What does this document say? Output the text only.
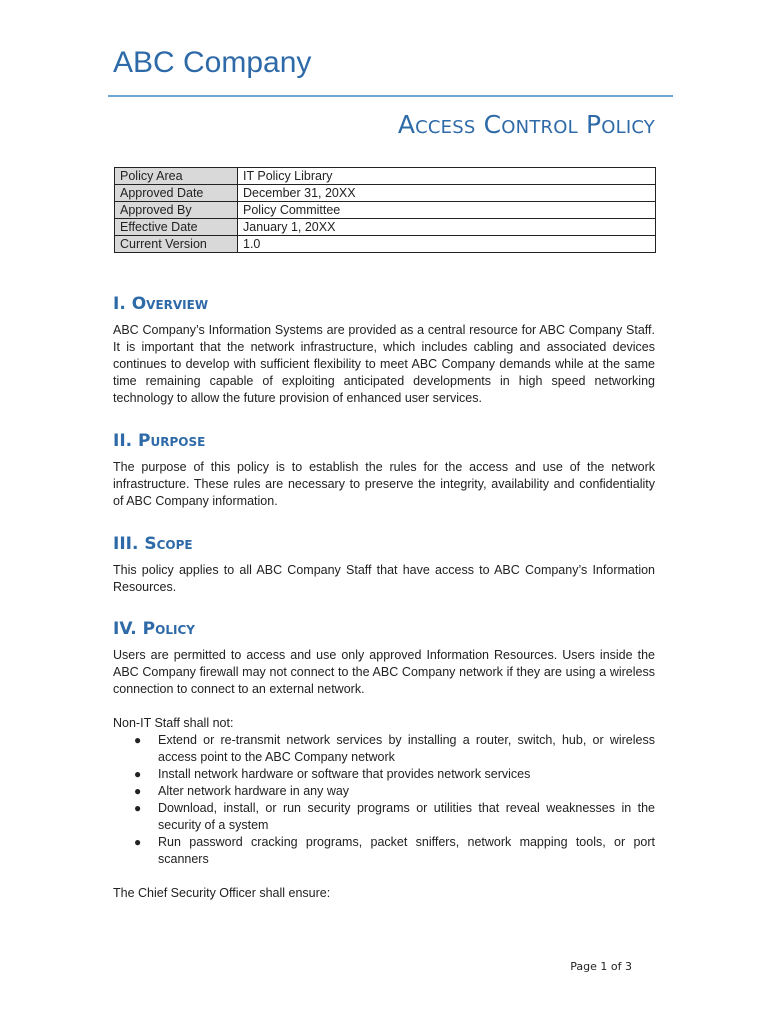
ABC Company
Access Control Policy
Policy Area	IT Policy Library
Approved Date	December 31, 20XX
Approved By	Policy Committee
Effective Date	January 1, 20XX
Current Version	1.0
I. Overview

ABC Company’s Information Systems are provided as a central resource for ABC Company Staff. It is important that the network infrastructure, which includes cabling and associated devices continues to develop with sufficient flexibility to meet ABC Company demands while at the same time remaining capable of exploiting anticipated developments in high speed networking technology to allow the future provision of enhanced user services.

II. Purpose

The purpose of this policy is to establish the rules for the access and use of the network infrastructure. These rules are necessary to preserve the integrity, availability and confidentiality of ABC Company information.

III. Scope

This policy applies to all ABC Company Staff that have access to ABC Company’s Information Resources.

IV. Policy

Users are permitted to access and use only approved Information Resources. Users inside the ABC Company firewall may not connect to the ABC Company network if they are using a wireless connection to connect to an external network.

Non-IT Staff shall not:

● Extend or re-transmit network services by installing a router, switch, hub, or wireless access point to the ABC Company network
● Install network hardware or software that provides network services
● Alter network hardware in any way
● Download, install, or run security programs or utilities that reveal weaknesses in the security of a system
● Run password cracking programs, packet sniffers, network mapping tools, or port scanners

The Chief Security Officer shall ensure:

Page 1 of 3
